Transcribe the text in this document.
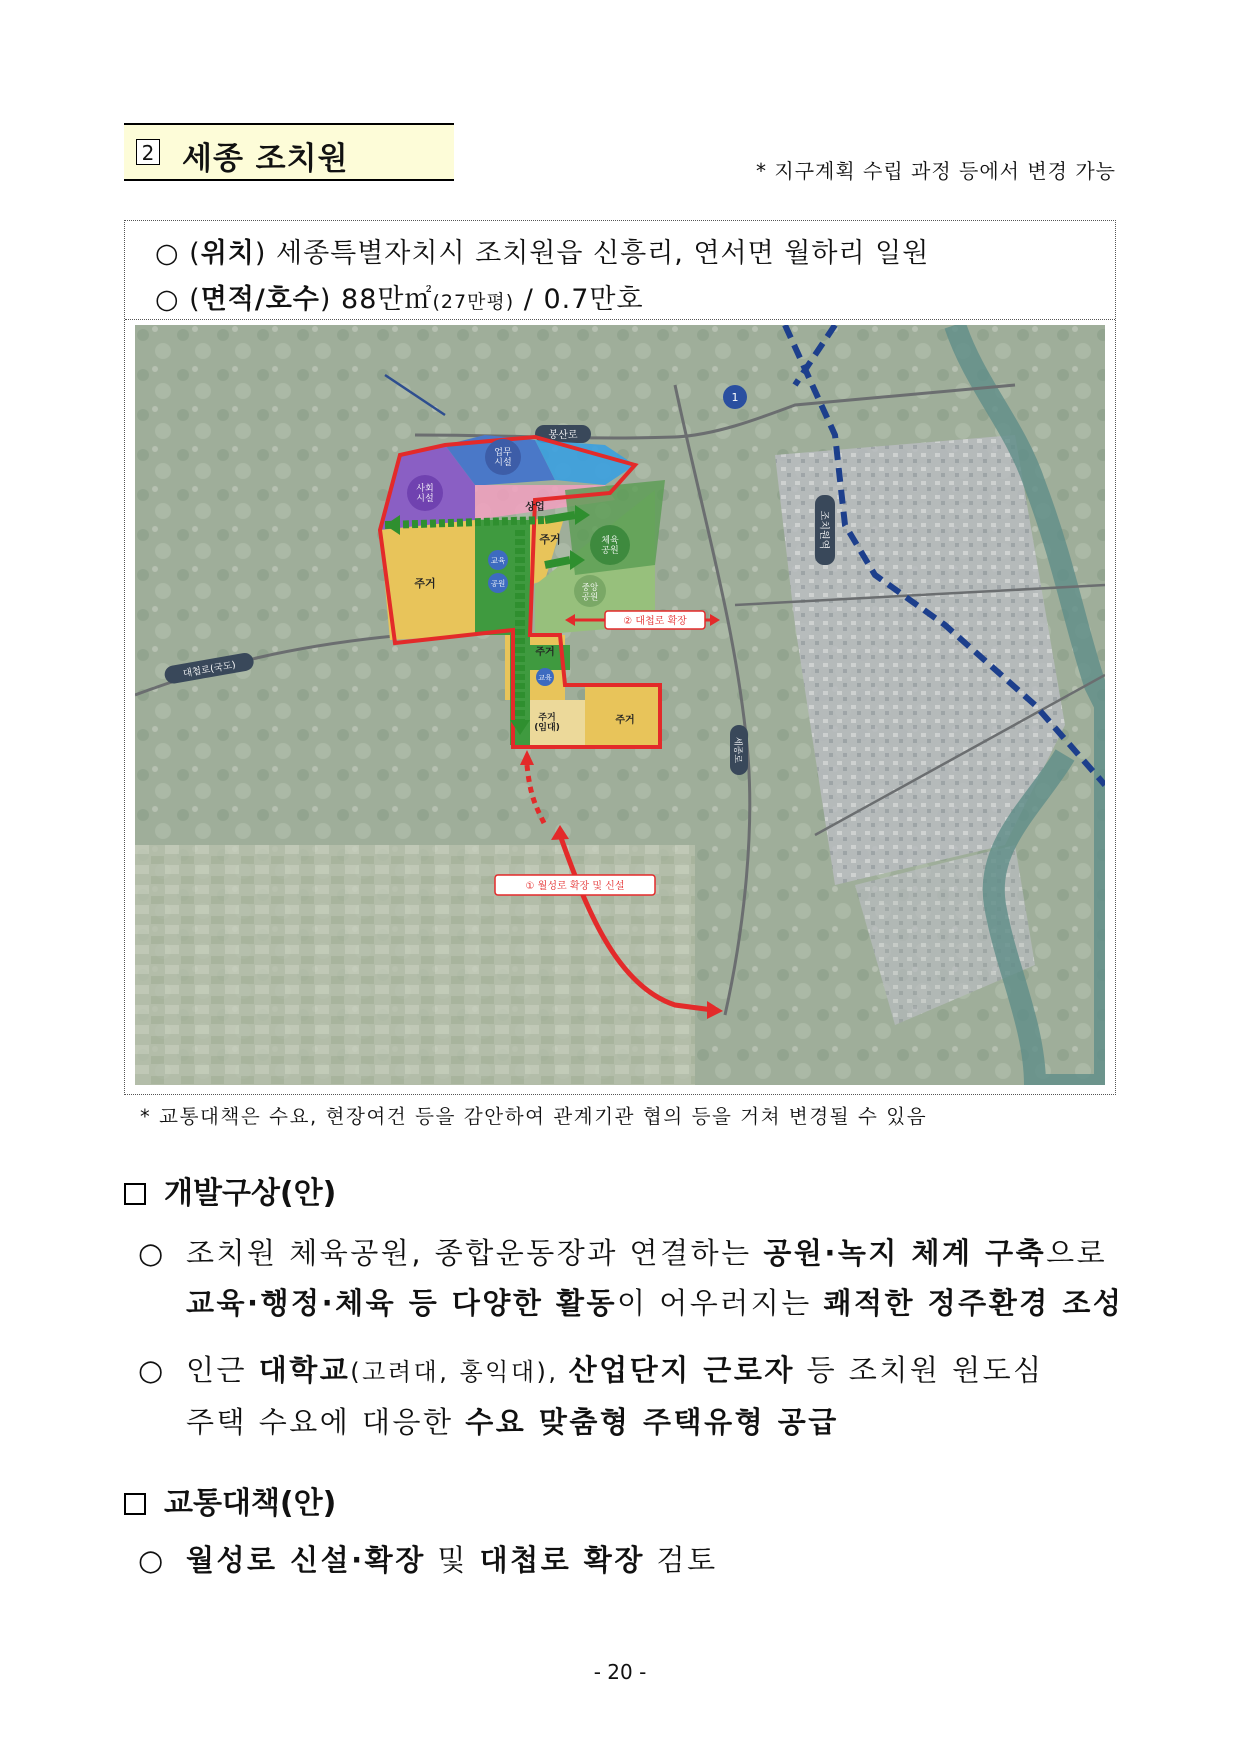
2 세종 조치원	* 지구계획 수립 과정 등에서 변경 가능
○ (위치) 세종특별자치시 조치원읍 신흥리, 연서면 월하리 일원
○ (면적/호수) 88만㎡(27만평) / 0.7만호
봉산로
1
대첩로(국도)
조치원역
세종로
업무 시설
사회 시설
체육 공원
중앙 공원
상업
주거
주거
주거
주거
주거 (임대)
교육
공원
교육
② 대첩로 확장
① 월성로 확장 및 신설
* 교통대책은 수요, 현장여건 등을 감안하여 관계기관 협의 등을 거쳐 변경될 수 있음
개발구상(안)
○ 조치원 체육공원, 종합운동장과 연결하는 공원·녹지 체계 구축으로
교육·행정·체육 등 다양한 활동이 어우러지는 쾌적한 정주환경 조성
○ 인근 대학교(고려대, 홍익대), 산업단지 근로자 등 조치원 원도심
주택 수요에 대응한 수요 맞춤형 주택유형 공급
교통대책(안)
○ 월성로 신설·확장 및 대첩로 확장 검토
- 20 -
